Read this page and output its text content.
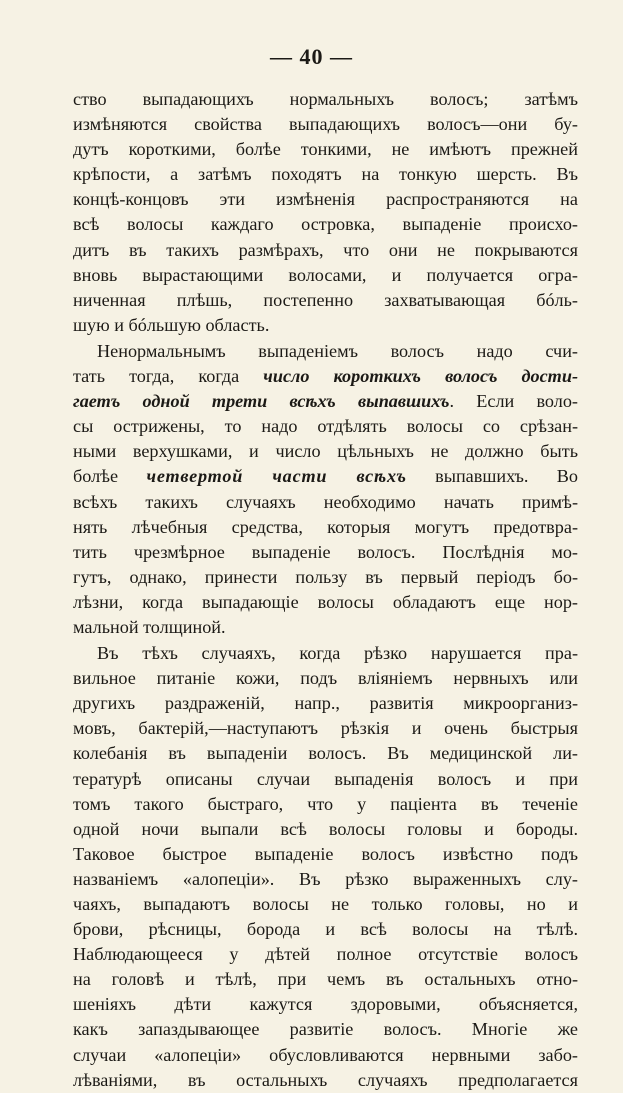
— 40 —
ство выпадающихъ нормальныхъ волосъ; затѣмъ
измѣняются свойства выпадающихъ волосъ—они бу-
дутъ короткими, болѣе тонкими, не имѣютъ прежней
крѣпости, а затѣмъ походятъ на тонкую шерсть. Въ
концѣ-концовъ эти измѣненія распространяются на
всѣ волосы каждаго островка, выпаденіе происхо-
дитъ въ такихъ размѣрахъ, что они не покрываются
вновь вырастающими волосами, и получается огра-
ниченная плѣшь, постепенно захватывающая бóль-
шую и бóльшую область.
Ненормальнымъ выпаденіемъ волосъ надо счи-
тать тогда, когда число короткихъ волосъ дости-
гаетъ одной трети всѣхъ выпавшихъ. Если воло-
сы острижены, то надо отдѣлять волосы со срѣзан-
ными верхушками, и число цѣльныхъ не должно быть
болѣе четвертой части всѣхъ выпавшихъ. Во
всѣхъ такихъ случаяхъ необходимо начать примѣ-
нять лѣчебныя средства, которыя могутъ предотвра-
тить чрезмѣрное выпаденіе волосъ. Послѣднія мо-
гутъ, однако, принести пользу въ первый періодъ бо-
лѣзни, когда выпадающіе волосы обладаютъ еще нор-
мальной толщиной.
Въ тѣхъ случаяхъ, когда рѣзко нарушается пра-
вильное питаніе кожи, подъ вліяніемъ нервныхъ или
другихъ раздраженій, напр., развитія микроорганиз-
мовъ, бактерій,—наступаютъ рѣзкія и очень быстрыя
колебанія въ выпаденіи волосъ. Въ медицинской ли-
тературѣ описаны случаи выпаденія волосъ и при
томъ такого быстраго, что у паціента въ теченіе
одной ночи выпали всѣ волосы головы и бороды.
Таковое быстрое выпаденіе волосъ извѣстно подъ
названіемъ «алопеціи». Въ рѣзко выраженныхъ слу-
чаяхъ, выпадаютъ волосы не только головы, но и
брови, рѣсницы, борода и всѣ волосы на тѣлѣ.
Наблюдающееся у дѣтей полное отсутствіе волосъ
на головѣ и тѣлѣ, при чемъ въ остальныхъ отно-
шеніяхъ дѣти кажутся здоровыми, объясняется,
какъ запаздывающее развитіе волосъ. Многіе же
случаи «алопеціи» обусловливаются нервными забо-
лѣваніями, въ остальныхъ случаяхъ предполагается
